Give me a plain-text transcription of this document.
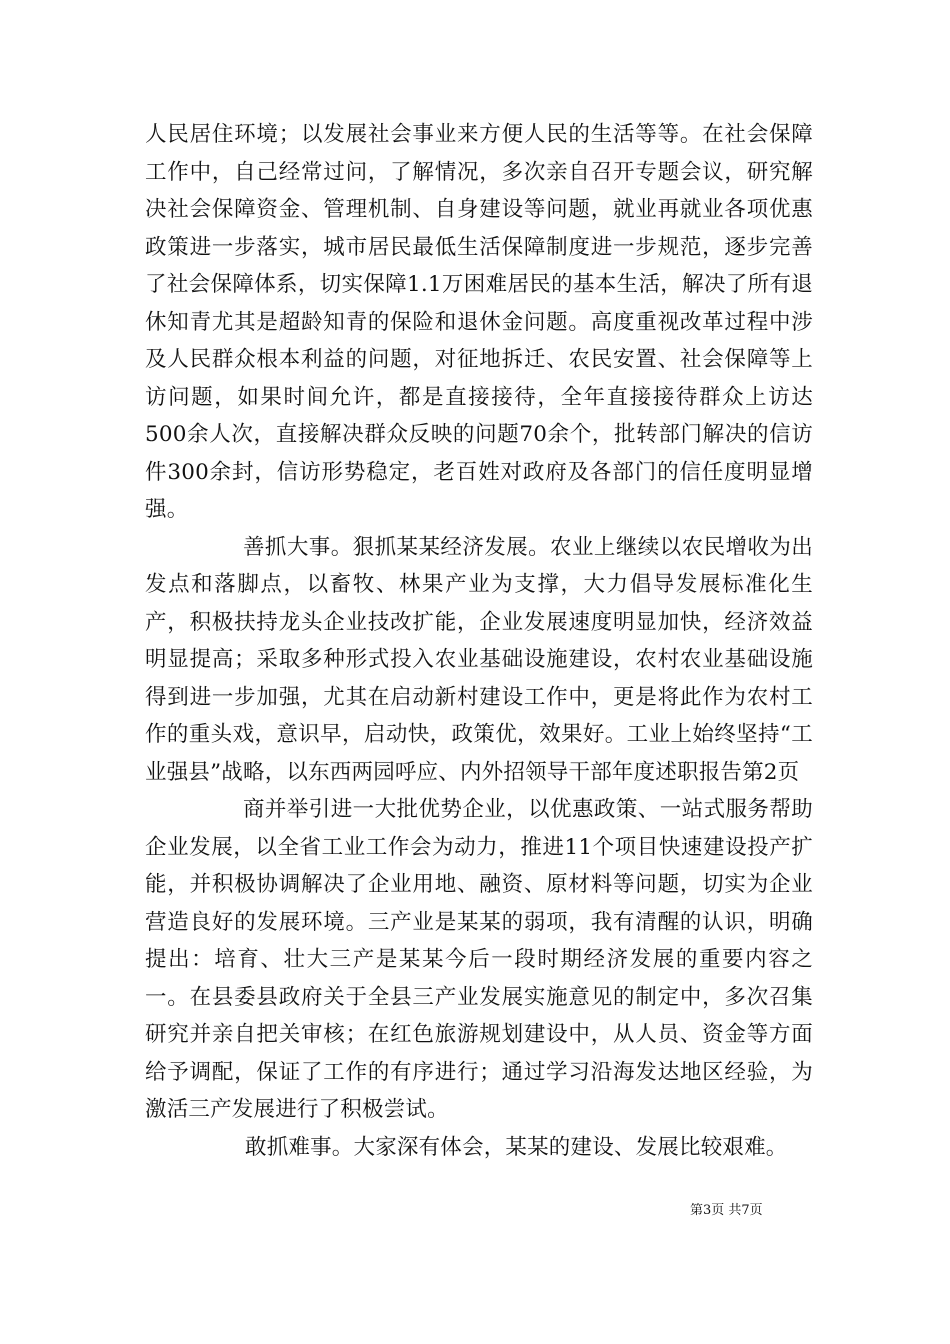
人民居住环境；以发展社会事业来方便人民的生活等等。在社会保障工作中，自己经常过问，了解情况，多次亲自召开专题会议，研究解决社会保障资金、管理机制、自身建设等问题，就业再就业各项优惠政策进一步落实，城市居民最低生活保障制度进一步规范，逐步完善了社会保障体系，切实保障1.1万困难居民的基本生活，解决了所有退休知青尤其是超龄知青的保险和退休金问题。高度重视改革过程中涉及人民群众根本利益的问题，对征地拆迁、农民安置、社会保障等上访问题，如果时间允许，都是直接接待，全年直接接待群众上访达500余人次，直接解决群众反映的问题70余个，批转部门解决的信访件300余封，信访形势稳定，老百姓对政府及各部门的信任度明显增强。

善抓大事。狠抓某某经济发展。农业上继续以农民增收为出发点和落脚点，以畜牧、林果产业为支撑，大力倡导发展标准化生产，积极扶持龙头企业技改扩能，企业发展速度明显加快，经济效益明显提高；采取多种形式投入农业基础设施建设，农村农业基础设施得到进一步加强，尤其在启动新村建设工作中，更是将此作为农村工作的重头戏，意识早，启动快，政策优，效果好。工业上始终坚持“工业强县”战略，以东西两园呼应、内外招领导干部年度述职报告第2页

商并举引进一大批优势企业，以优惠政策、一站式服务帮助企业发展，以全省工业工作会为动力，推进11个项目快速建设投产扩能，并积极协调解决了企业用地、融资、原材料等问题，切实为企业营造良好的发展环境。三产业是某某的弱项，我有清醒的认识，明确提出：培育、壮大三产是某某今后一段时期经济发展的重要内容之一。在县委县政府关于全县三产业发展实施意见的制定中，多次召集研究并亲自把关审核；在红色旅游规划建设中，从人员、资金等方面给予调配，保证了工作的有序进行；通过学习沿海发达地区经验，为激活三产发展进行了积极尝试。

敢抓难事。大家深有体会，某某的建设、发展比较艰难。

第3页 共7页
